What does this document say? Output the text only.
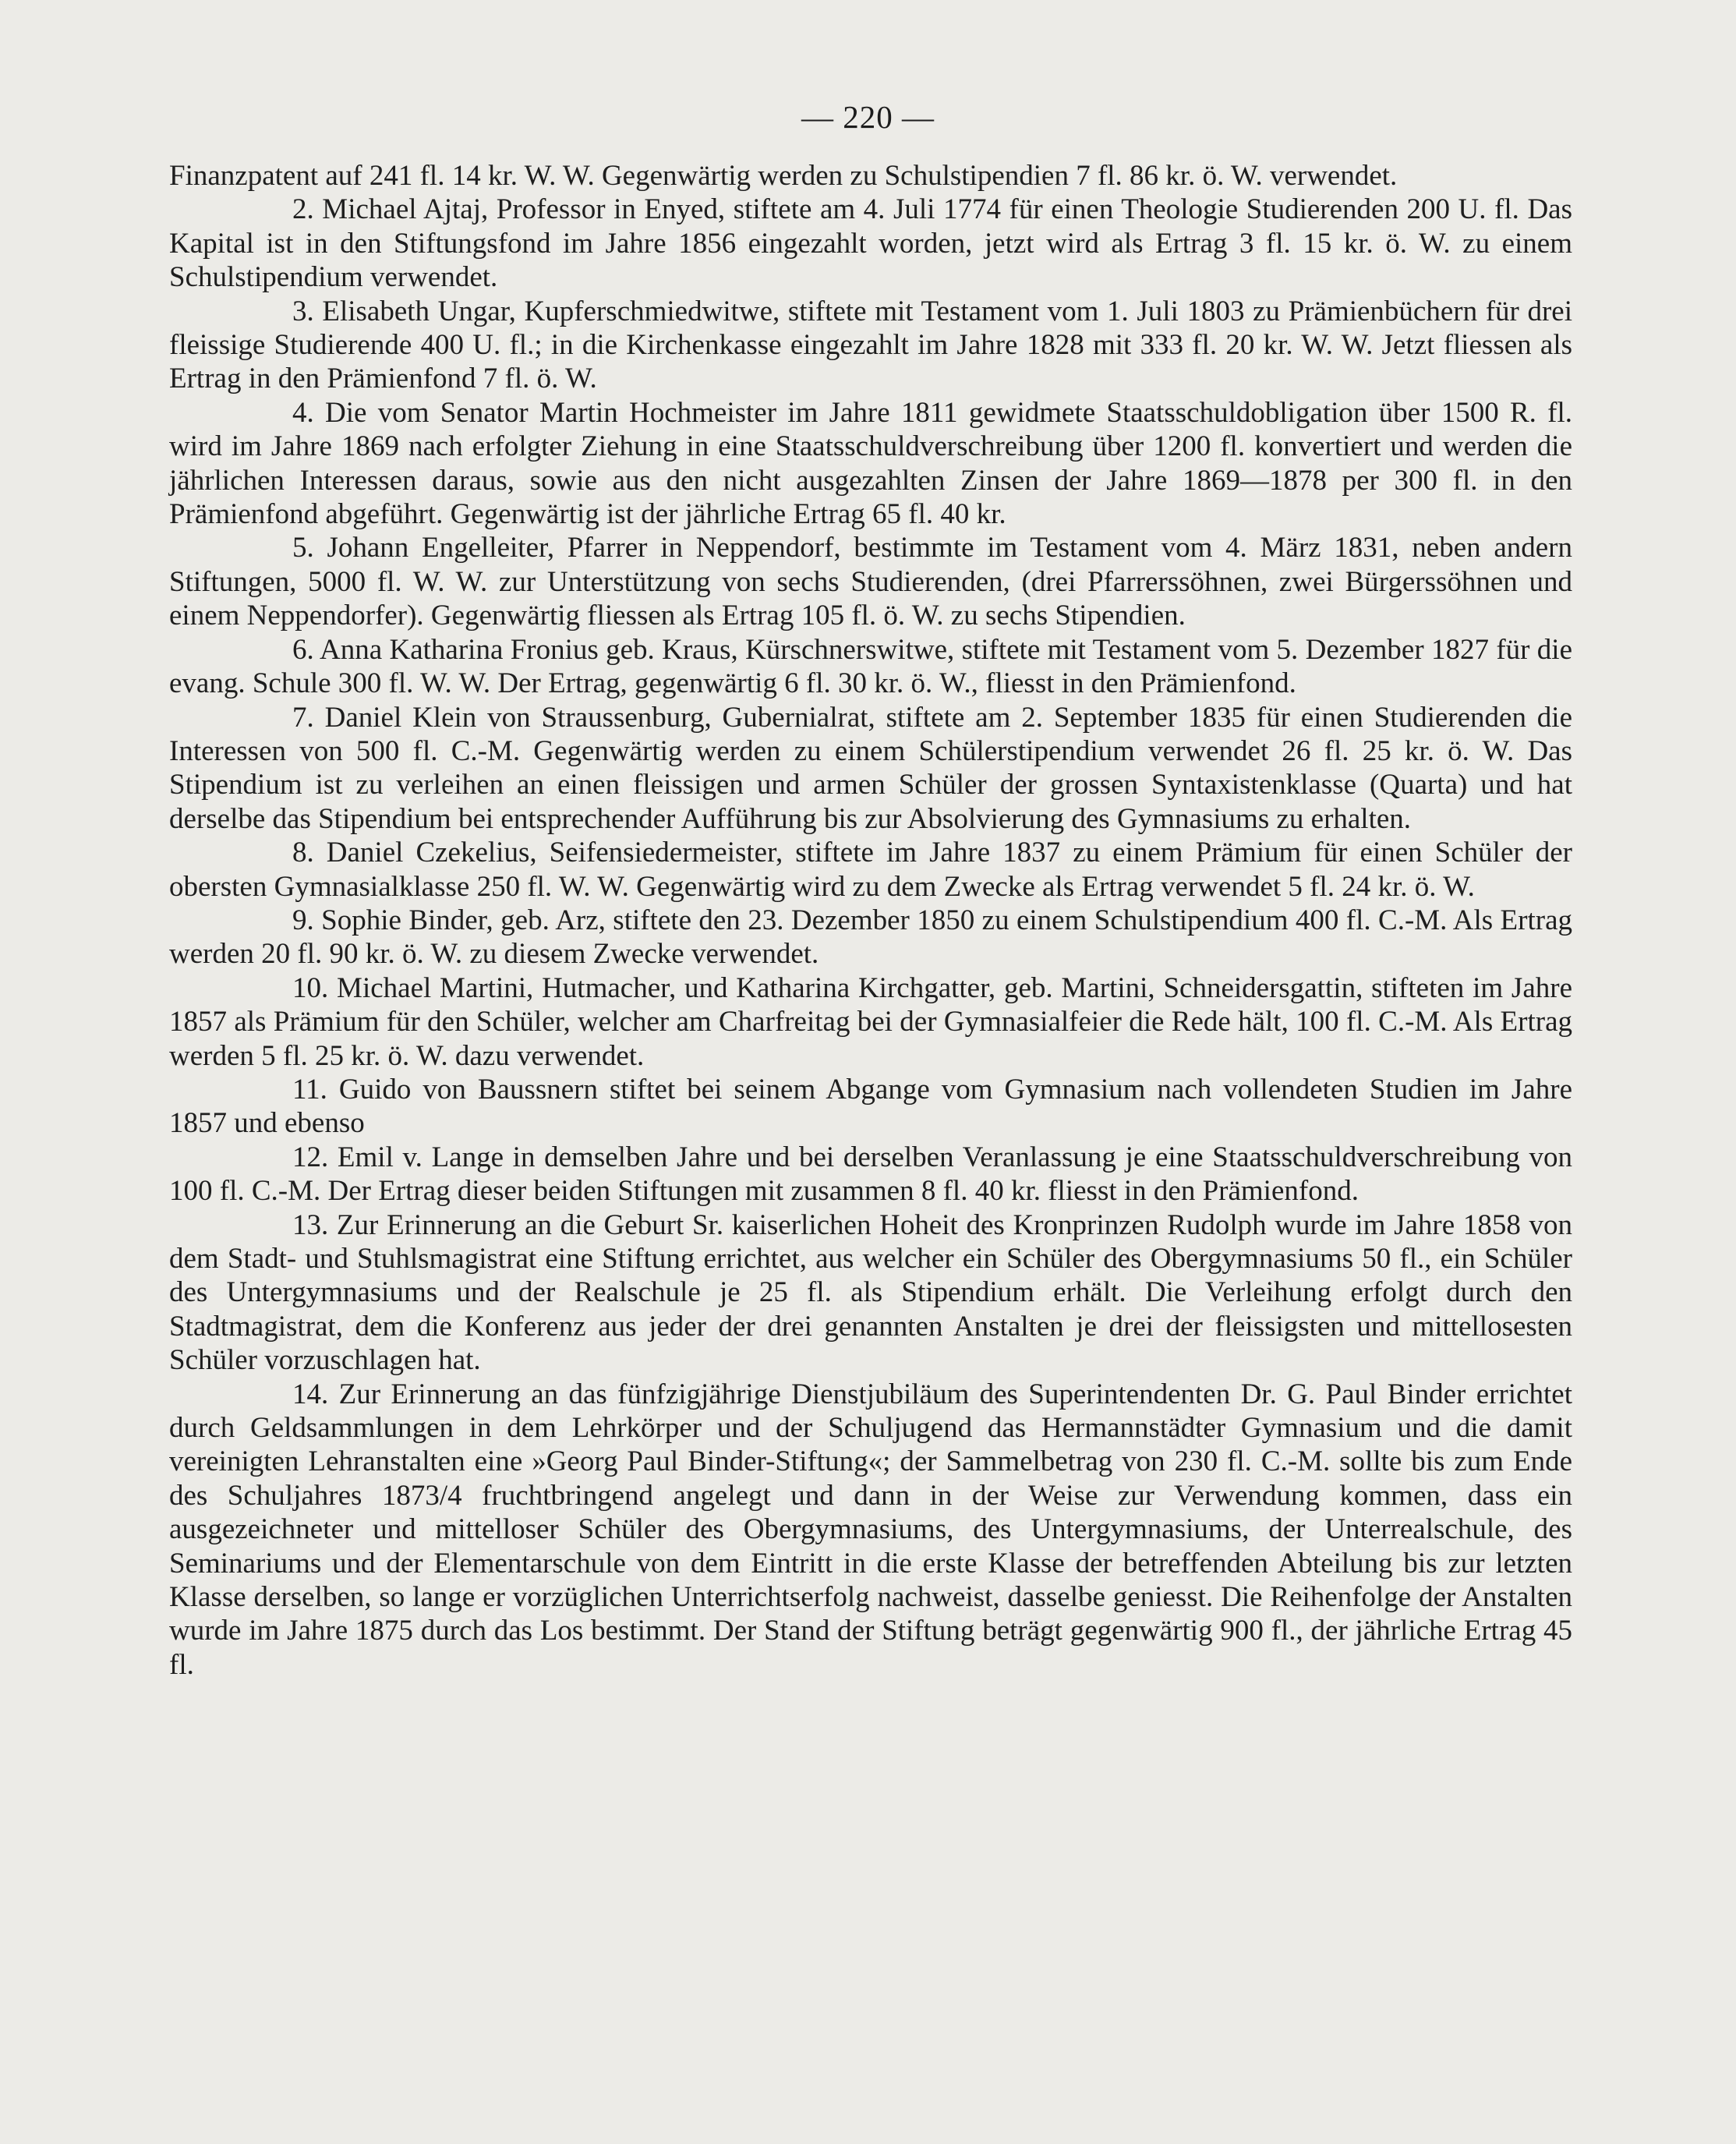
— 220 —

Finanzpatent auf 241 fl. 14 kr. W. W. Gegenwärtig werden zu Schulstipendien 7 fl. 86 kr. ö. W. verwendet.

2. Michael Ajtaj, Professor in Enyed, stiftete am 4. Juli 1774 für einen Theologie Studierenden 200 U. fl. Das Kapital ist in den Stiftungsfond im Jahre 1856 eingezahlt worden, jetzt wird als Ertrag 3 fl. 15 kr. ö. W. zu einem Schulstipendium verwendet.

3. Elisabeth Ungar, Kupferschmiedwitwe, stiftete mit Testament vom 1. Juli 1803 zu Prämienbüchern für drei fleissige Studierende 400 U. fl.; in die Kirchenkasse eingezahlt im Jahre 1828 mit 333 fl. 20 kr. W. W. Jetzt fliessen als Ertrag in den Prämienfond 7 fl. ö. W.

4. Die vom Senator Martin Hochmeister im Jahre 1811 gewidmete Staatsschuldobligation über 1500 R. fl. wird im Jahre 1869 nach erfolgter Ziehung in eine Staatsschuldverschreibung über 1200 fl. konvertiert und werden die jährlichen Interessen daraus, sowie aus den nicht ausgezahlten Zinsen der Jahre 1869—1878 per 300 fl. in den Prämienfond abgeführt. Gegenwärtig ist der jährliche Ertrag 65 fl. 40 kr.

5. Johann Engelleiter, Pfarrer in Neppendorf, bestimmte im Testament vom 4. März 1831, neben andern Stiftungen, 5000 fl. W. W. zur Unterstützung von sechs Studierenden, (drei Pfarrerssöhnen, zwei Bürgerssöhnen und einem Neppendorfer). Gegenwärtig fliessen als Ertrag 105 fl. ö. W. zu sechs Stipendien.

6. Anna Katharina Fronius geb. Kraus, Kürschnerswitwe, stiftete mit Testament vom 5. Dezember 1827 für die evang. Schule 300 fl. W. W. Der Ertrag, gegenwärtig 6 fl. 30 kr. ö. W., fliesst in den Prämienfond.

7. Daniel Klein von Straussenburg, Gubernialrat, stiftete am 2. September 1835 für einen Studierenden die Interessen von 500 fl. C.-M. Gegenwärtig werden zu einem Schülerstipendium verwendet 26 fl. 25 kr. ö. W. Das Stipendium ist zu verleihen an einen fleissigen und armen Schüler der grossen Syntaxistenklasse (Quarta) und hat derselbe das Stipendium bei entsprechender Aufführung bis zur Absolvierung des Gymnasiums zu erhalten.

8. Daniel Czekelius, Seifensiedermeister, stiftete im Jahre 1837 zu einem Prämium für einen Schüler der obersten Gymnasialklasse 250 fl. W. W. Gegenwärtig wird zu dem Zwecke als Ertrag verwendet 5 fl. 24 kr. ö. W.

9. Sophie Binder, geb. Arz, stiftete den 23. Dezember 1850 zu einem Schulstipendium 400 fl. C.-M. Als Ertrag werden 20 fl. 90 kr. ö. W. zu diesem Zwecke verwendet.

10. Michael Martini, Hutmacher, und Katharina Kirchgatter, geb. Martini, Schneidersgattin, stifteten im Jahre 1857 als Prämium für den Schüler, welcher am Charfreitag bei der Gymnasialfeier die Rede hält, 100 fl. C.-M. Als Ertrag werden 5 fl. 25 kr. ö. W. dazu verwendet.

11. Guido von Baussnern stiftet bei seinem Abgange vom Gymnasium nach vollendeten Studien im Jahre 1857 und ebenso

12. Emil v. Lange in demselben Jahre und bei derselben Veranlassung je eine Staatsschuldverschreibung von 100 fl. C.-M. Der Ertrag dieser beiden Stiftungen mit zusammen 8 fl. 40 kr. fliesst in den Prämienfond.

13. Zur Erinnerung an die Geburt Sr. kaiserlichen Hoheit des Kronprinzen Rudolph wurde im Jahre 1858 von dem Stadt- und Stuhlsmagistrat eine Stiftung errichtet, aus welcher ein Schüler des Obergymnasiums 50 fl., ein Schüler des Untergymnasiums und der Realschule je 25 fl. als Stipendium erhält. Die Verleihung erfolgt durch den Stadtmagistrat, dem die Konferenz aus jeder der drei genannten Anstalten je drei der fleissigsten und mittellosesten Schüler vorzuschlagen hat.

14. Zur Erinnerung an das fünfzigjährige Dienstjubiläum des Superintendenten Dr. G. Paul Binder errichtet durch Geldsammlungen in dem Lehrkörper und der Schuljugend das Hermannstädter Gymnasium und die damit vereinigten Lehranstalten eine »Georg Paul Binder-Stiftung«; der Sammelbetrag von 230 fl. C.-M. sollte bis zum Ende des Schuljahres 1873/4 fruchtbringend angelegt und dann in der Weise zur Verwendung kommen, dass ein ausgezeichneter und mittelloser Schüler des Obergymnasiums, des Untergymnasiums, der Unterrealschule, des Seminariums und der Elementarschule von dem Eintritt in die erste Klasse der betreffenden Abteilung bis zur letzten Klasse derselben, so lange er vorzüglichen Unterrichtserfolg nachweist, dasselbe geniesst. Die Reihenfolge der Anstalten wurde im Jahre 1875 durch das Los bestimmt. Der Stand der Stiftung beträgt gegenwärtig 900 fl., der jährliche Ertrag 45 fl.
